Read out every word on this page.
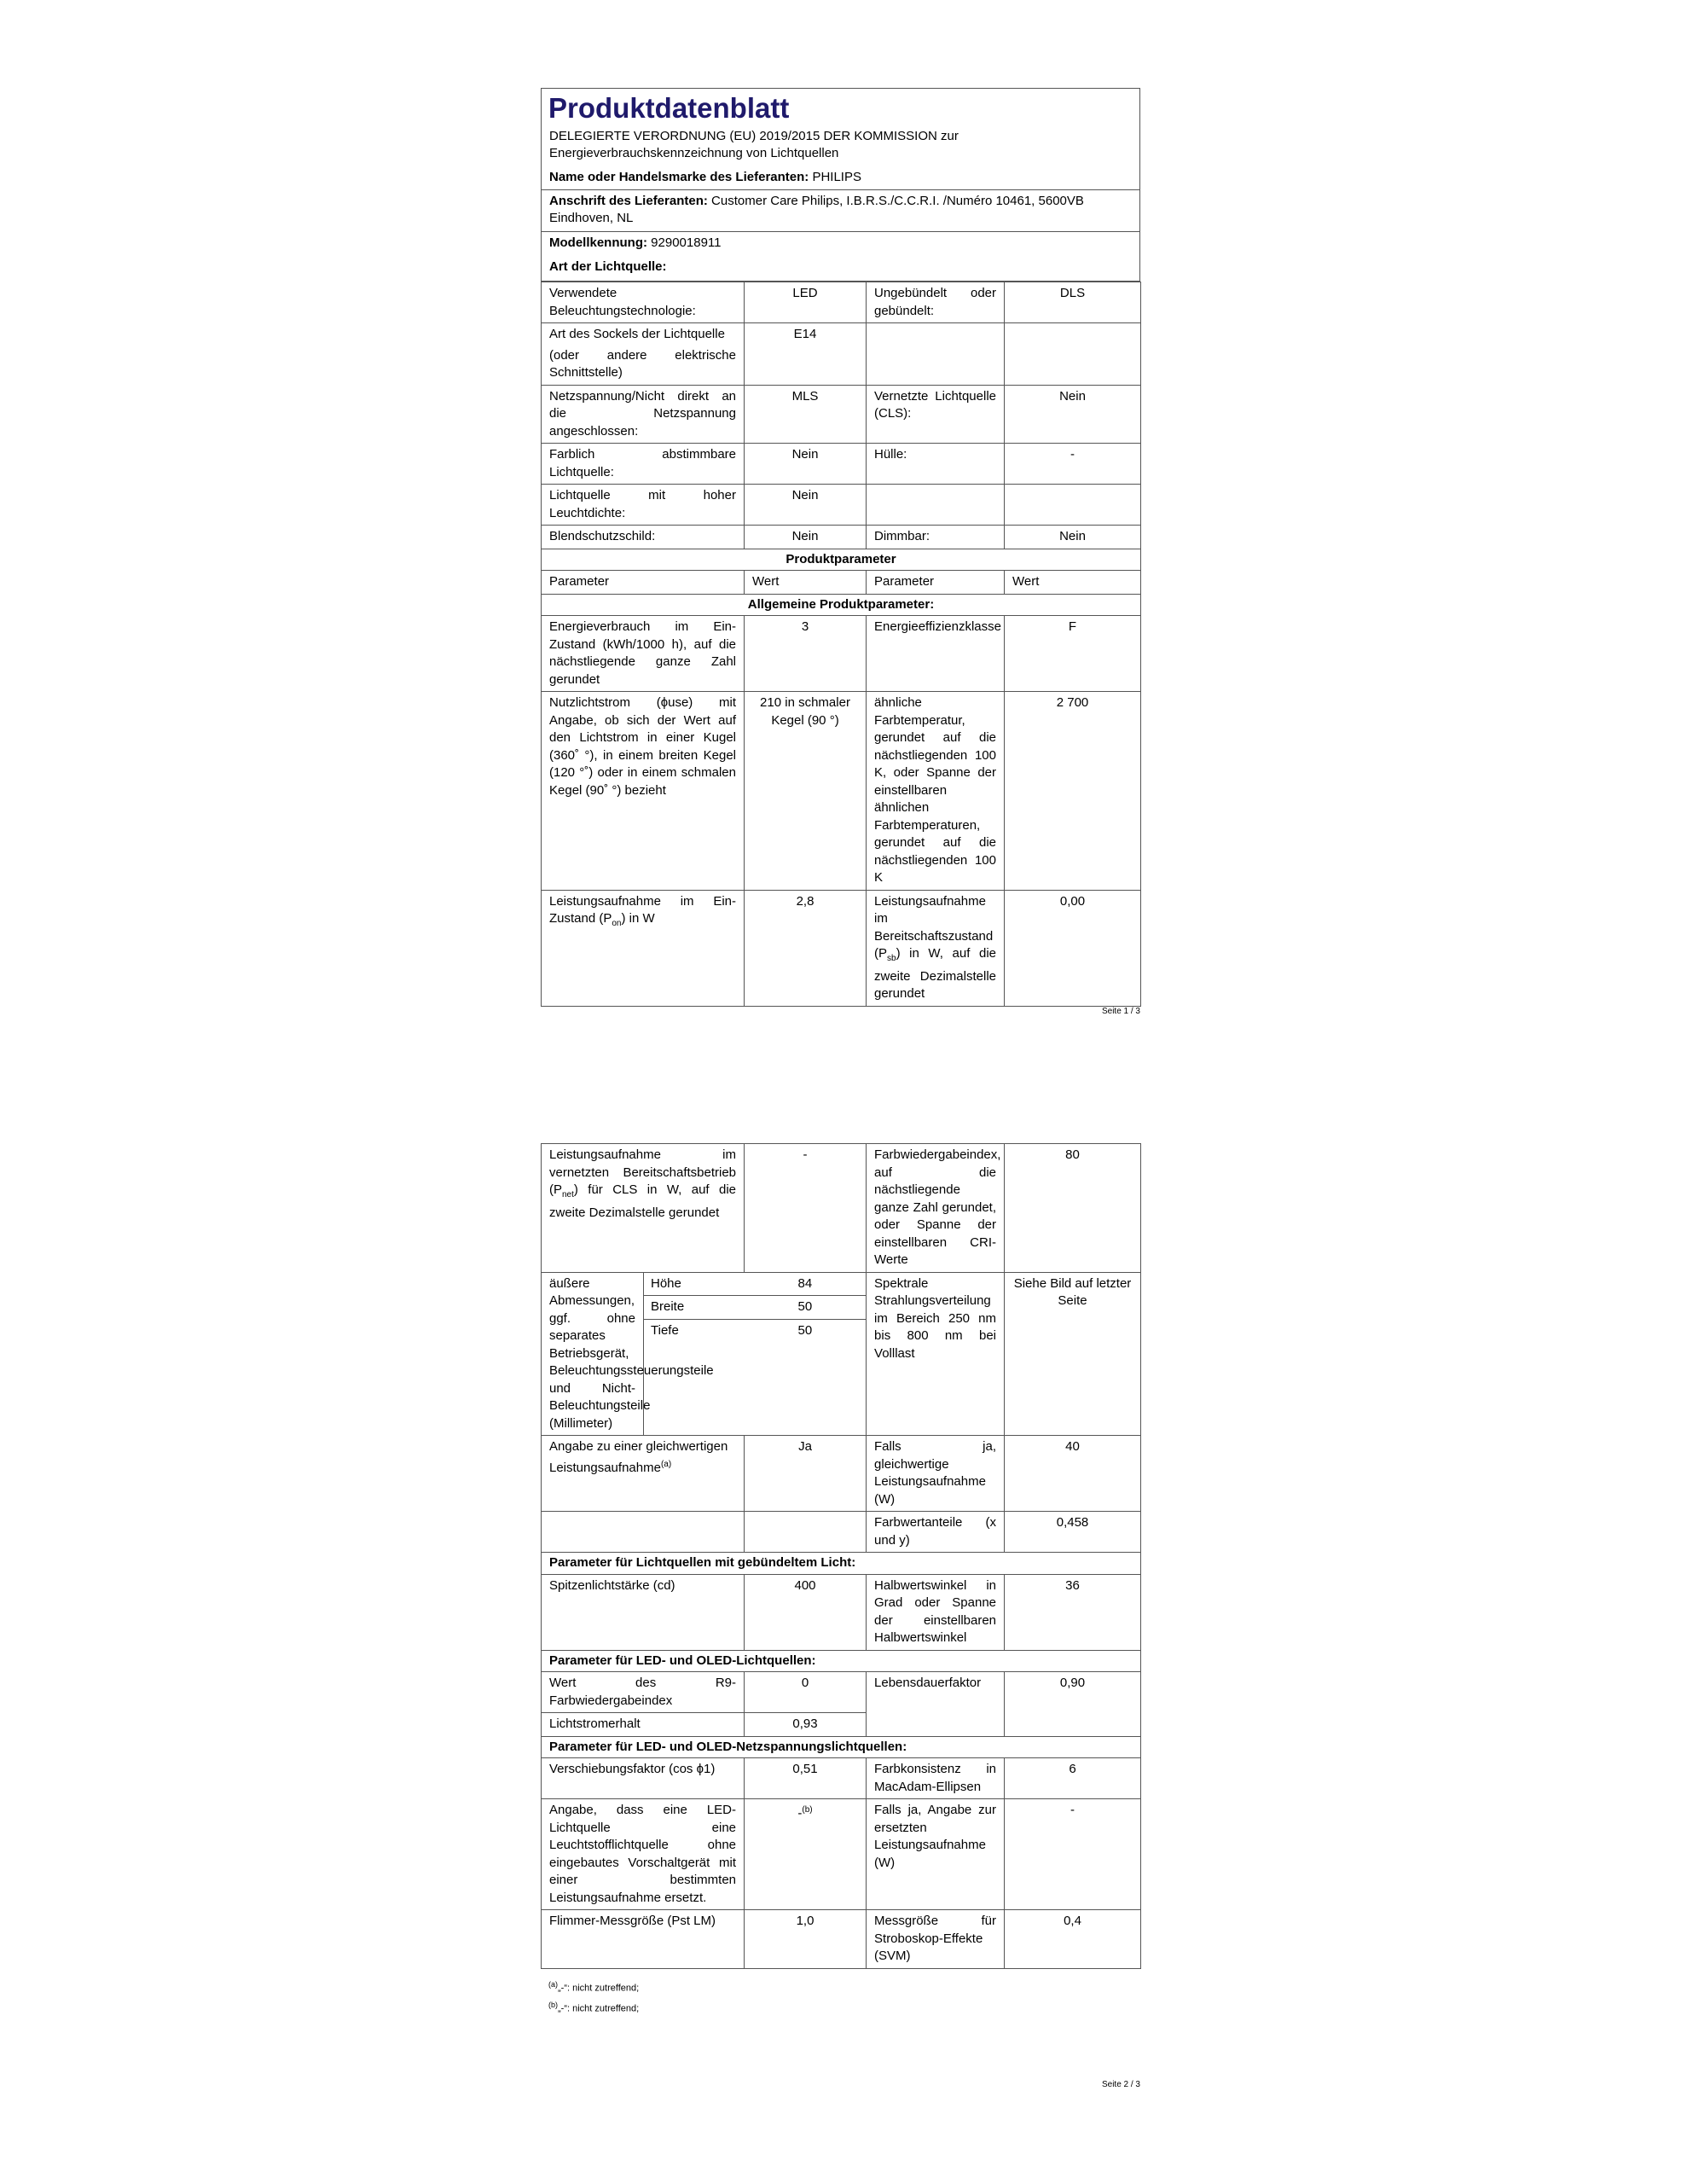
Produktdatenblatt
DELEGIERTE VERORDNUNG (EU) 2019/2015 DER KOMMISSION zur Energieverbrauchskennzeichnung von Lichtquellen
Name oder Handelsmarke des Lieferanten: PHILIPS
Anschrift des Lieferanten: Customer Care Philips, I.B.R.S./C.C.R.I. /Numéro 10461, 5600VB Eindhoven, NL
Modellkennung: 9290018911
Art der Lichtquelle:
Verwendete Beleuchtungstechnologie:	LED	Ungebündelt oder gebündelt:	DLS

Art des Sockels der Lichtquelle
(oder andere elektrische Schnittstelle)	E14		
Netzspannung/Nicht direkt an die Netzspannung angeschlossen:	MLS	Vernetzte Lichtquelle (CLS):	Nein
Farblich abstimmbare Lichtquelle:	Nein	Hülle:	-
Lichtquelle mit hoher Leuchtdichte:	Nein		
Blendschutzschild:	Nein	Dimmbar:	Nein
Produktparameter			
Parameter	Wert	Parameter	Wert
Allgemeine Produktparameter:			
Energieverbrauch im Ein-Zustand (kWh/1000 h), auf die nächstliegende ganze Zahl gerundet	3	Energieeffizienzklasse	F
Nutzlichtstrom (ϕuse) mit Angabe, ob sich der Wert auf den Lichtstrom in einer Kugel (360˚ °), in einem breiten Kegel (120 °˚) oder in einem schmalen Kegel (90˚ °) bezieht	210 in schmaler Kegel (90 °)	ähnliche Farbtemperatur, gerundet auf die nächstliegenden 100 K, oder Spanne der einstellbaren ähnlichen Farbtemperaturen, gerundet auf die nächstliegenden 100 K	2 700
Leistungsaufnahme im Ein-Zustand $(P_{on})$ in W	2,8	Leistungsaufnahme im Bereitschaftszustand $(P_{sb})$ in W, auf die zweite Dezimalstelle gerundet	0,00
Seite 1 / 3
Leistungsaufnahme im vernetzten Bereitschaftsbetrieb $(P_{net})$ für CLS in W, auf die zweite Dezimalstelle gerundet	-	Farbwiedergabeindex, auf die nächstliegende ganze Zahl gerundet, oder Spanne der einstellbaren CRI-Werte	80
äußere Abmessungen, ggf. ohne separates Betriebsgerät, Beleuchtungssteuerungsteile und Nicht-Beleuchtungsteile (Millimeter)	
Höhe	84
Breite	50
Tiefe	50
	Spektrale Strahlungsverteilung im Bereich 250 nm bis 800 nm bei Volllast	Siehe Bild auf letzter Seite
Angabe zu einer gleichwertigen Leistungsaufnahme$^{(a)}$	Ja	Falls ja, gleichwertige Leistungsaufnahme (W)	40
		Farbwertanteile (x und y)	0,458
Parameter für Lichtquellen mit gebündeltem Licht:
Spitzenlichtstärke (cd)	400	Halbwertswinkel in Grad oder Spanne der einstellbaren Halbwertswinkel	36
Parameter für LED- und OLED-Lichtquellen:
Wert des R9-Farbwiedergabeindex	0	Lebensdauerfaktor	0,90
Lichtstromerhalt	0,93
Parameter für LED- und OLED-Netzspannungslichtquellen:
Verschiebungsfaktor (cos ϕ1)	0,51	Farbkonsistenz in MacAdam-Ellipsen	6
Angabe, dass eine LED-Lichtquelle eine Leuchtstofflichtquelle ohne eingebautes Vorschaltgerät mit einer bestimmten Leistungsaufnahme ersetzt.	-$^{(b)}$	Falls ja, Angabe zur ersetzten Leistungsaufnahme (W)	-
Flimmer-Messgröße (Pst LM)	1,0	Messgröße für Stroboskop-Effekte (SVM)	0,4
$^{(a)}$„-“: nicht zutreffend;
$^{(b)}$„-“: nicht zutreffend;
Seite 2 / 3
